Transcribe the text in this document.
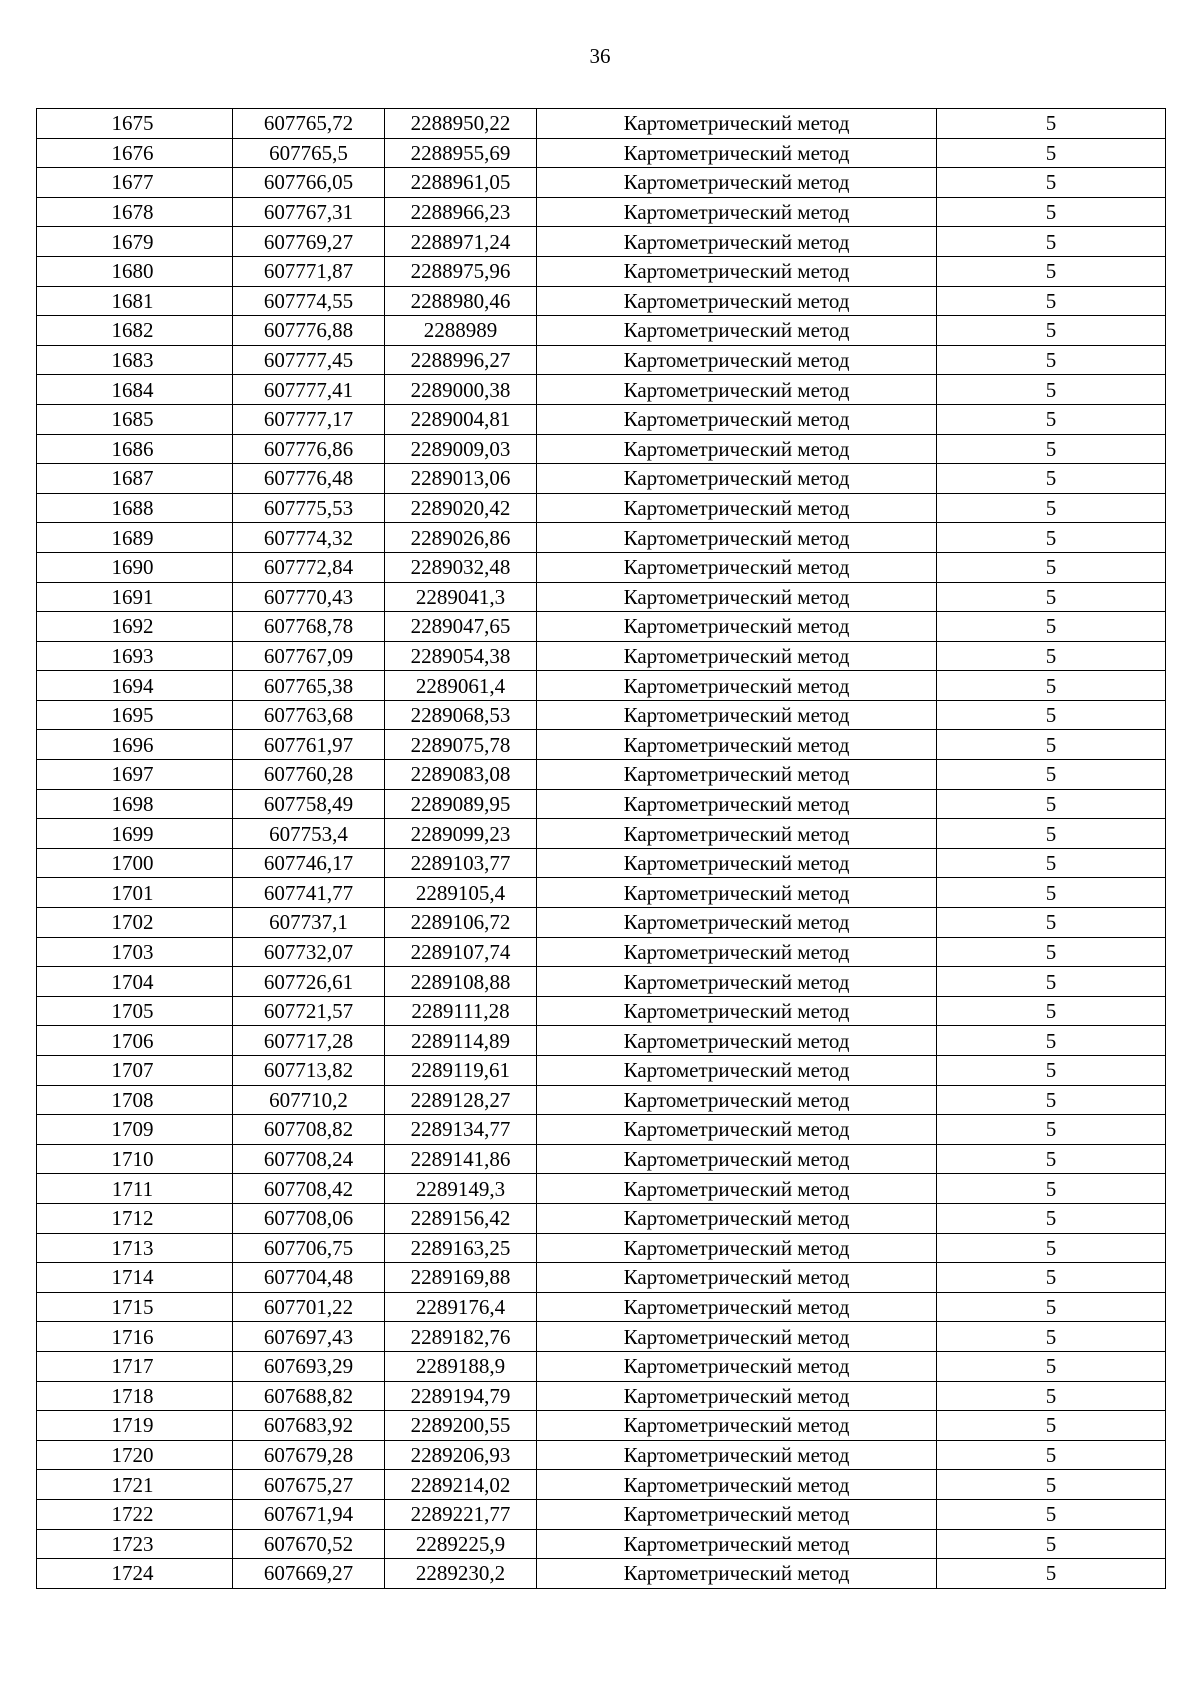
36
1675	607765,72	2288950,22	Картометрический метод	5
1676	607765,5	2288955,69	Картометрический метод	5
1677	607766,05	2288961,05	Картометрический метод	5
1678	607767,31	2288966,23	Картометрический метод	5
1679	607769,27	2288971,24	Картометрический метод	5
1680	607771,87	2288975,96	Картометрический метод	5
1681	607774,55	2288980,46	Картометрический метод	5
1682	607776,88	2288989	Картометрический метод	5
1683	607777,45	2288996,27	Картометрический метод	5
1684	607777,41	2289000,38	Картометрический метод	5
1685	607777,17	2289004,81	Картометрический метод	5
1686	607776,86	2289009,03	Картометрический метод	5
1687	607776,48	2289013,06	Картометрический метод	5
1688	607775,53	2289020,42	Картометрический метод	5
1689	607774,32	2289026,86	Картометрический метод	5
1690	607772,84	2289032,48	Картометрический метод	5
1691	607770,43	2289041,3	Картометрический метод	5
1692	607768,78	2289047,65	Картометрический метод	5
1693	607767,09	2289054,38	Картометрический метод	5
1694	607765,38	2289061,4	Картометрический метод	5
1695	607763,68	2289068,53	Картометрический метод	5
1696	607761,97	2289075,78	Картометрический метод	5
1697	607760,28	2289083,08	Картометрический метод	5
1698	607758,49	2289089,95	Картометрический метод	5
1699	607753,4	2289099,23	Картометрический метод	5
1700	607746,17	2289103,77	Картометрический метод	5
1701	607741,77	2289105,4	Картометрический метод	5
1702	607737,1	2289106,72	Картометрический метод	5
1703	607732,07	2289107,74	Картометрический метод	5
1704	607726,61	2289108,88	Картометрический метод	5
1705	607721,57	2289111,28	Картометрический метод	5
1706	607717,28	2289114,89	Картометрический метод	5
1707	607713,82	2289119,61	Картометрический метод	5
1708	607710,2	2289128,27	Картометрический метод	5
1709	607708,82	2289134,77	Картометрический метод	5
1710	607708,24	2289141,86	Картометрический метод	5
1711	607708,42	2289149,3	Картометрический метод	5
1712	607708,06	2289156,42	Картометрический метод	5
1713	607706,75	2289163,25	Картометрический метод	5
1714	607704,48	2289169,88	Картометрический метод	5
1715	607701,22	2289176,4	Картометрический метод	5
1716	607697,43	2289182,76	Картометрический метод	5
1717	607693,29	2289188,9	Картометрический метод	5
1718	607688,82	2289194,79	Картометрический метод	5
1719	607683,92	2289200,55	Картометрический метод	5
1720	607679,28	2289206,93	Картометрический метод	5
1721	607675,27	2289214,02	Картометрический метод	5
1722	607671,94	2289221,77	Картометрический метод	5
1723	607670,52	2289225,9	Картометрический метод	5
1724	607669,27	2289230,2	Картометрический метод	5
